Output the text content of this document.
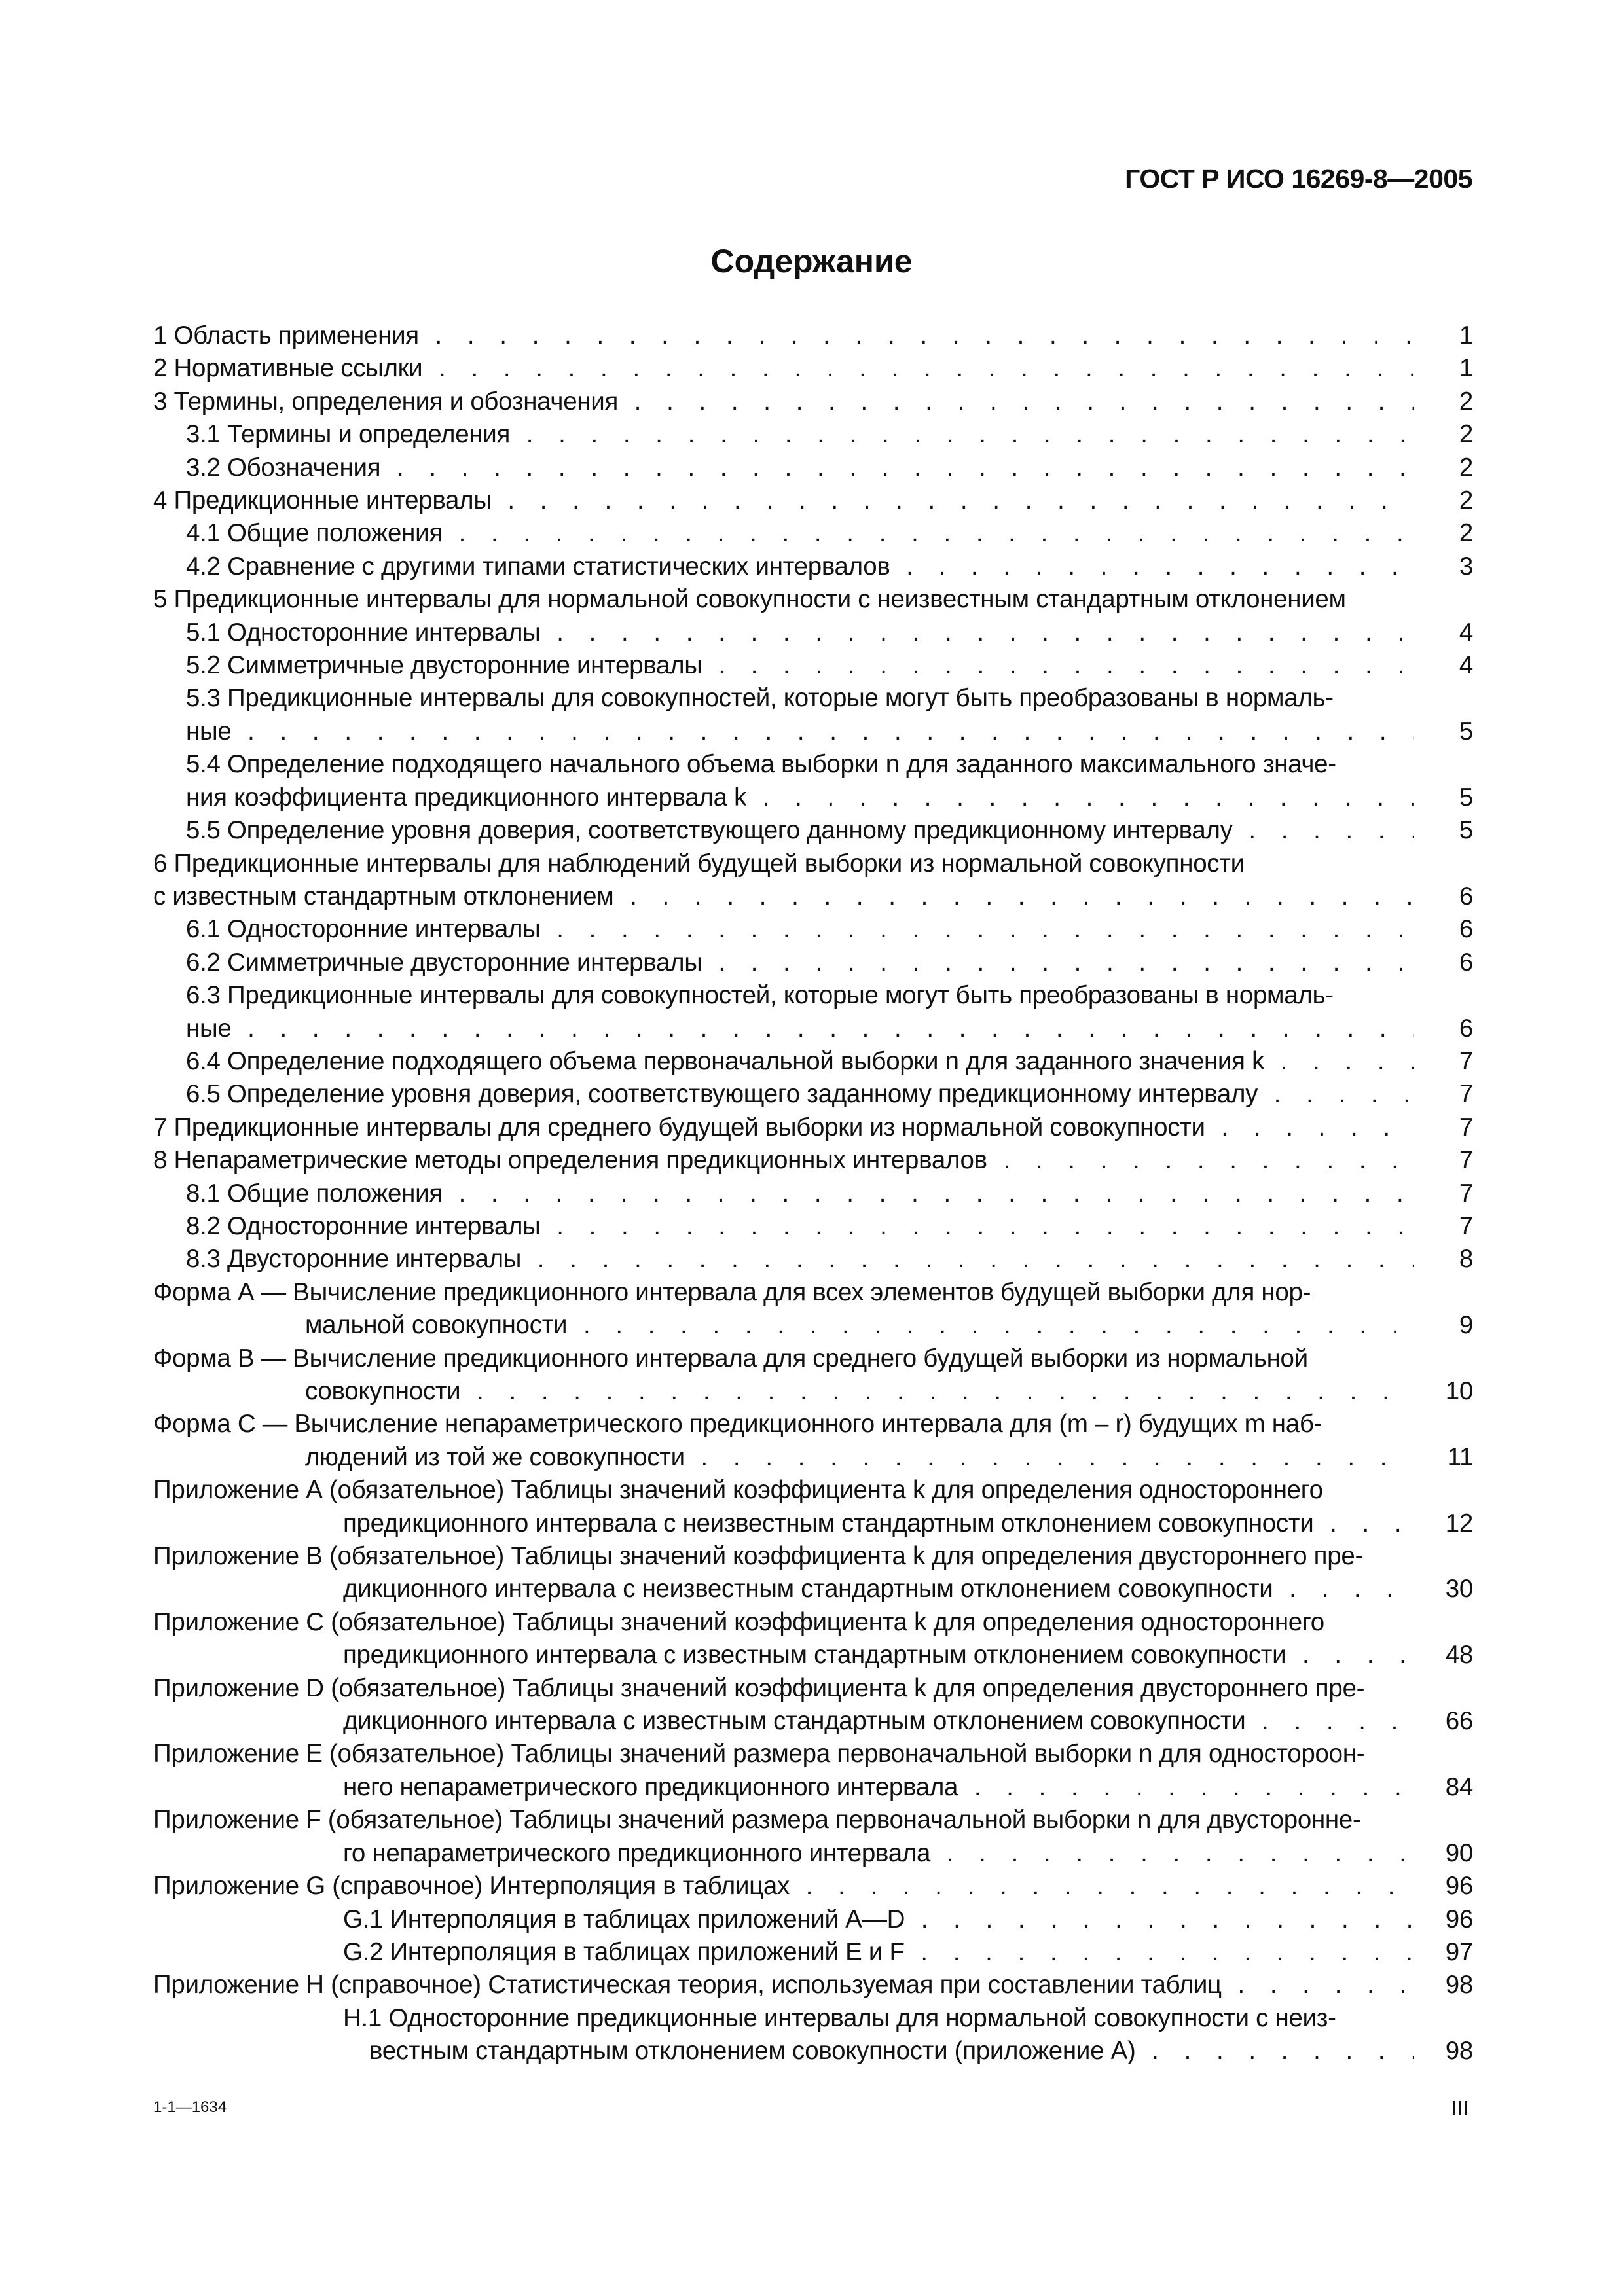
ГОСТ Р ИСО 16269-8—2005
Содержание
1 Область применения . . .	1
2 Нормативные ссылки . . .	1
3 Термины, определения и обозначения . . .	2
3.1 Термины и определения . . .	2
3.2 Обозначения . . .	2
4 Предикционные интервалы . . .	2
4.1 Общие положения . . .	2
4.2 Сравнение с другими типами статистических интервалов . . .	3
5 Предикционные интервалы для нормальной совокупности с неизвестным стандартным отклонением
5.1 Односторонние интервалы . . .	4
5.2 Симметричные двусторонние интервалы . . .	4
5.3 Предикционные интервалы для совокупностей, которые могут быть преобразованы в нормаль-
ные . . .	5
5.4 Определение подходящего начального объема выборки n для заданного максимального значе-
ния коэффициента предикционного интервала k . . .	5
5.5 Определение уровня доверия, соответствующего данному предикционному интервалу . . .	5
6 Предикционные интервалы для наблюдений будущей выборки из нормальной совокупности
с известным стандартным отклонением . . .	6
6.1 Односторонние интервалы . . .	6
6.2 Симметричные двусторонние интервалы . . .	6
6.3 Предикционные интервалы для совокупностей, которые могут быть преобразованы в нормаль-
ные . . .	6
6.4 Определение подходящего объема первоначальной выборки n для заданного значения k . . .	7
6.5 Определение уровня доверия, соответствующего заданному предикционному интервалу . . .	7
7 Предикционные интервалы для среднего будущей выборки из нормальной совокупности . . .	7
8 Непараметрические методы определения предикционных интервалов . . .	7
8.1 Общие положения . . .	7
8.2 Односторонние интервалы . . .	7
8.3 Двусторонние интервалы . . .	8
Форма А — Вычисление предикционного интервала для всех элементов будущей выборки для нор-
мальной совокупности . . .	9
Форма В — Вычисление предикционного интервала для среднего будущей выборки из нормальной
совокупности . . .	10
Форма С — Вычисление непараметрического предикционного интервала для (m – r) будущих m наб-
людений из той же совокупности . . .	11
Приложение А (обязательное) Таблицы значений коэффициента k для определения одностороннего
предикционного интервала с неизвестным стандартным отклонением совокупности . . .	12
Приложение В (обязательное) Таблицы значений коэффициента k для определения двустороннего пре-
дикционного интервала с неизвестным стандартным отклонением совокупности . . .	30
Приложение С (обязательное) Таблицы значений коэффициента k для определения одностороннего
предикционного интервала с известным стандартным отклонением совокупности . . .	48
Приложение D (обязательное) Таблицы значений коэффициента k для определения двустороннего пре-
дикционного интервала с известным стандартным отклонением совокупности . . .	66
Приложение Е (обязательное) Таблицы значений размера первоначальной выборки n для одностороон-
него непараметрического предикционного интервала . . .	84
Приложение F (обязательное) Таблицы значений размера первоначальной выборки n для двусторонне-
го непараметрического предикционного интервала . . .	90
Приложение G (справочное) Интерполяция в таблицах . . .	96
G.1 Интерполяция в таблицах приложений А—D . . .	96
G.2 Интерполяция в таблицах приложений Е и F . . .	97
Приложение Н (справочное) Статистическая теория, используемая при составлении таблиц . . .	98
Н.1 Односторонние предикционные интервалы для нормальной совокупности с неиз-
вестным стандартным отклонением совокупности (приложение А) . . .	98
1-1—1634	III
